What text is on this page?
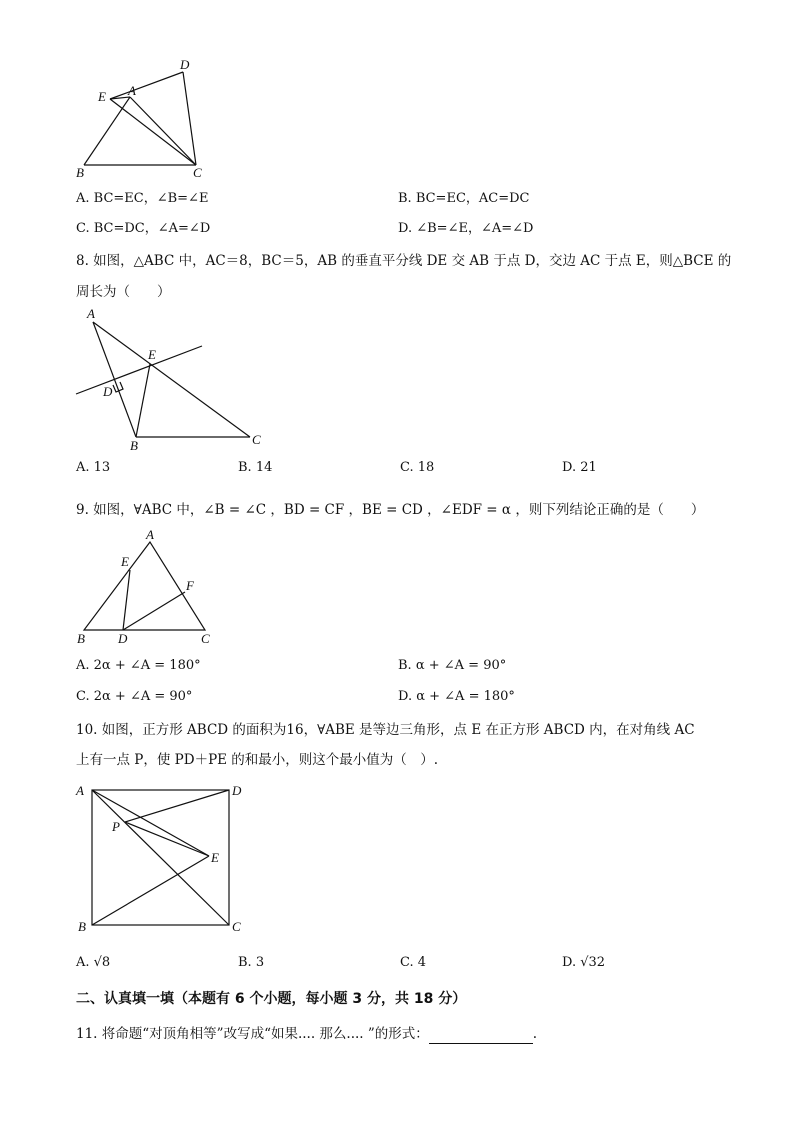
D
E A
B	C
A. BC=EC，∠B=∠E	B. BC=EC，AC=DC
C. BC=DC，∠A=∠D	D. ∠B=∠E，∠A=∠D
8. 如图，△ABC 中，AC＝8，BC＝5，AB 的垂直平分线 DE 交 AB 于点 D，交边 AC 于点 E，则△BCE 的
周长为（　　）
A
E
D
B	C
A. 13	B. 14	C. 18	D. 21
9. 如图，∀ABC 中，∠B = ∠C ，BD = CF ，BE = CD ，∠EDF = α ，则下列结论正确的是（　　）
A
E
F
B	D	C
A. 2α + ∠A = 180°	B. α + ∠A = 90°
C. 2α + ∠A = 90°	D. α + ∠A = 180°
10. 如图，正方形 ABCD 的面积为16，∀ABE 是等边三角形，点 E 在正方形 ABCD 内，在对角线 AC
上有一点 P，使 PD＋PE 的和最小，则这个最小值为（　）.
A	D
P
E
B	C
A. √8	B. 3	C. 4	D. √32
二、认真填一填（本题有 6 个小题，每小题 3 分，共 18 分）
11. 将命题“对顶角相等”改写成“如果.... 那么.... ”的形式：	.
